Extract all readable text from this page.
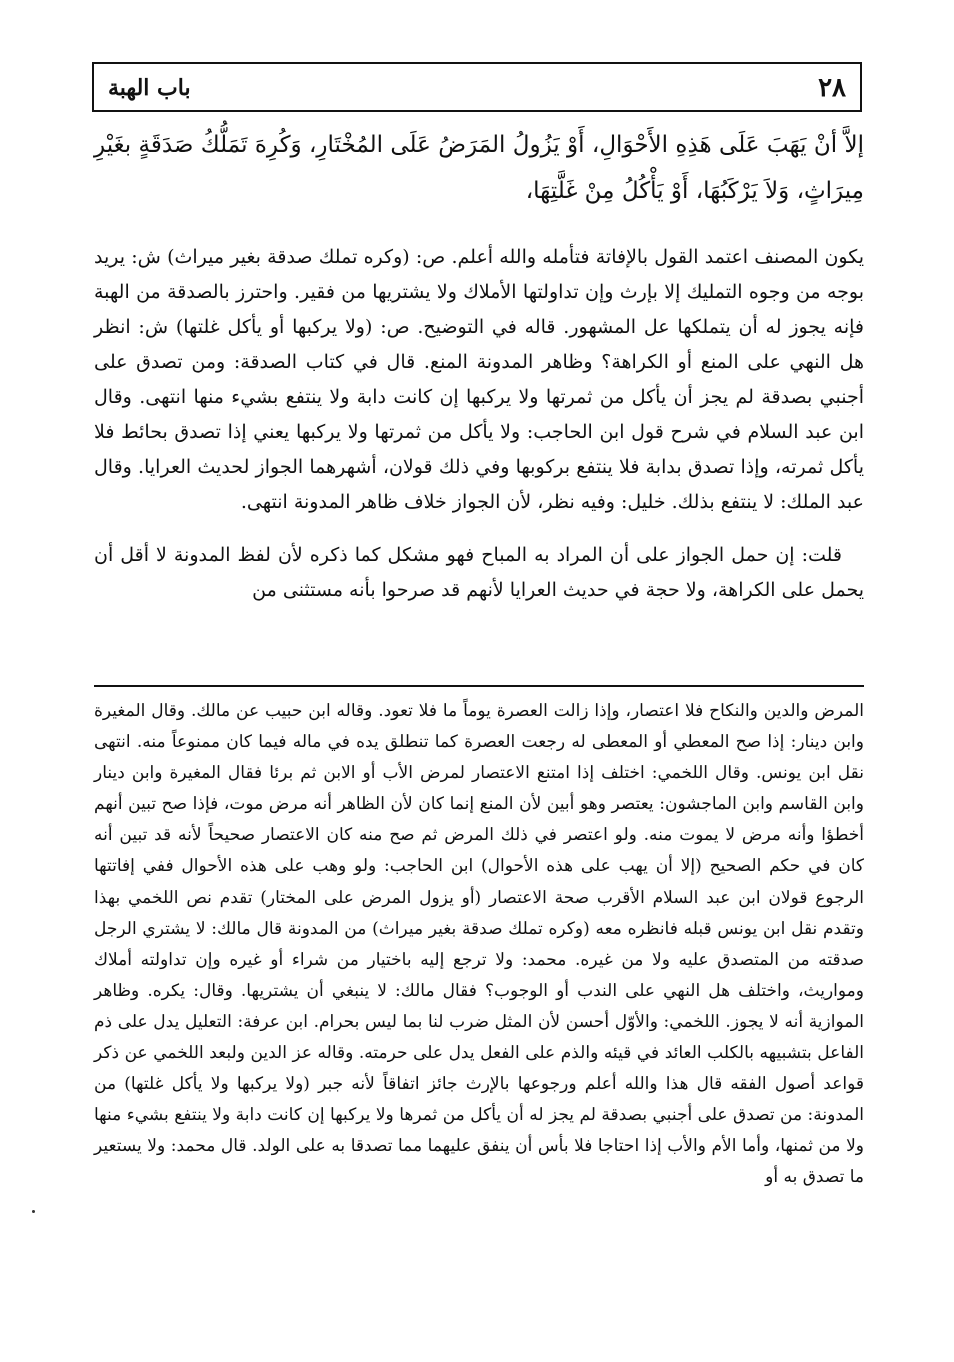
٢٨
باب الهبة

إلاَّ أنْ يَهَبَ عَلَى هَذِهِ الأَحْوَالِ، أَوْ يَزُولُ المَرَضُ عَلَى المُخْتَارِ، وَكُرِهَ تَمَلُّكُ صَدَقَةٍ بغَيْرِ مِيرَاثٍ، وَلاَ يَرْكَبُهَا، أَوْ يَأْكُلُ مِنْ غَلَّتِهَا،

يكون المصنف اعتمد القول بالإفاتة فتأمله والله أعلم. ص: (وكره تملك صدقة بغير ميراث) ش: يريد بوجه من وجوه التمليك إلا بإرث وإن تداولتها الأملاك ولا يشتريها من فقير. واحترز بالصدقة من الهبة فإنه يجوز له أن يتملكها عل المشهور. قاله في التوضيح. ص: (ولا يركبها أو يأكل غلتها) ش: انظر هل النهي على المنع أو الكراهة؟ وظاهر المدونة المنع. قال في كتاب الصدقة: ومن تصدق على أجنبي بصدقة لم يجز أن يأكل من ثمرتها ولا يركبها إن كانت دابة ولا ينتفع بشيء منها انتهى. وقال ابن عبد السلام في شرح قول ابن الحاجب: ولا يأكل من ثمرتها ولا يركبها يعني إذا تصدق بحائط فلا يأكل ثمرته، وإذا تصدق بدابة فلا ينتفع بركوبها وفي ذلك قولان، أشهرهما الجواز لحديث العرايا. وقال عبد الملك: لا ينتفع بذلك. خليل: وفيه نظر، لأن الجواز خلاف ظاهر المدونة انتهى.

قلت: إن حمل الجواز على أن المراد به المباح فهو مشكل كما ذكره لأن لفظ المدونة لا أقل أن يحمل على الكراهة، ولا حجة في حديث العرايا لأنهم قد صرحوا بأنه مستثنى من

المرض والدين والنكاح فلا اعتصار، وإذا زالت العصرة يوماً ما فلا تعود. وقاله ابن حبيب عن مالك. وقال المغيرة وابن دينار: إذا صح المعطي أو المعطى له رجعت العصرة كما تنطلق يده في ماله فيما كان ممنوعاً منه. انتهى نقل ابن يونس. وقال اللخمي: اختلف إذا امتنع الاعتصار لمرض الأب أو الابن ثم برئا فقال المغيرة وابن دينار وابن القاسم وابن الماجشون: يعتصر وهو أبين لأن المنع إنما كان لأن الظاهر أنه مرض موت، فإذا صح تبين أنهم أخطؤا وأنه مرض لا يموت منه. ولو اعتصر في ذلك المرض ثم صح منه كان الاعتصار صحيحاً لأنه قد تبين أنه كان في حكم الصحيح (إلا أن يهب على هذه الأحوال) ابن الحاجب: ولو وهب على هذه الأحوال ففي إفاتتها الرجوع قولان ابن عبد السلام الأقرب صحة الاعتصار (أو يزول المرض على المختار) تقدم نص اللخمي بهذا وتقدم نقل ابن يونس قبله فانظره معه (وكره تملك صدقة بغير ميراث) من المدونة قال مالك: لا يشتري الرجل صدقته من المتصدق عليه ولا من غيره. محمد: ولا ترجع إليه باختيار من شراء أو غيره وإن تداولته أملاك ومواريث، واختلف هل النهي على الندب أو الوجوب؟ فقال مالك: لا ينبغي أن يشتريها. وقال: يكره. وظاهر الموازية أنه لا يجوز. اللخمي: والأوّل أحسن لأن المثل ضرب لنا بما ليس بحرام. ابن عرفة: التعليل يدل على ذم الفاعل بتشبيهه بالكلب العائد في قيئه والذم على الفعل يدل على حرمته. وقاله عز الدين ولبعد اللخمي عن ذكر قواعد أصول الفقه قال هذا والله أعلم ورجوعها بالإرث جائز اتفاقاً لأنه جبر (ولا يركبها ولا يأكل غلتها) من المدونة: من تصدق على أجنبي بصدقة لم يجز له أن يأكل من ثمرها ولا يركبها إن كانت دابة ولا ينتفع بشيء منها ولا من ثمنها، وأما الأم والأب إذا احتاجا فلا بأس أن ينفق عليهما مما تصدقا به على الولد. قال محمد: ولا يستعير ما تصدق به أو
